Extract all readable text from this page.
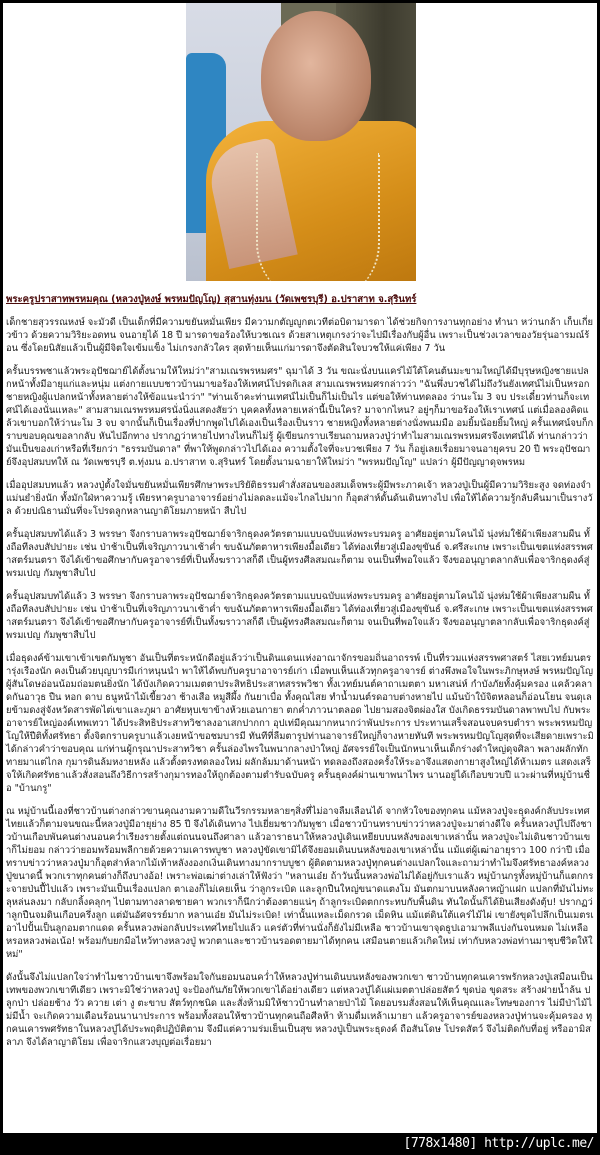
พระครูปราสาทพรหมคุณ (หลวงปู่หงษ์ พรหมปัญโญ) สุสานทุ่งมน (วัดเพชรบุรี) อ.ปราสาท จ.สุรินทร์

เด็กชายสุวรรณหงษ์ จะมัวดี เป็นเด็กที่มีความขยันหมั่นเพียร มีความกตัญญูกตเวทีต่อบิดามารดา ได้ช่วยกิจการงานทุกอย่าง ทำนา หว่านกล้า เก็บเกี่ยวข้าว ด้วยความวิริยะอดทน จนอายุได้ 18 ปี มารดาขอร้องให้บวชเณร ด้วยสาเหตุเกรงว่าจะไปมีเรื่องกับผู้อื่น เพราะเป็นช่วงเวลาของวัยรุ่นอารมณ์ร้อน ซึ่งโดยนิสัยแล้วเป็นผู้มีจิตใจเข้มแข็ง ไม่เกรงกลัวใคร สุดท้ายเห็นแก่มารดาจึงตัดสินใจบวชให้แค่เพียง 7 วัน

ครั้นบรรพชาแล้วพระอุปัชฌาย์ได้ตั้งนามให้ใหม่ว่า"สามเณรพรหมศร" ฉุมาได้ 3 วัน ขณะนั่งบนแคร่ไม้ใต้โคนต้นมะขามใหญ่ได้มีบุรุษหญิงชายแปลกหน้าทั้งมีอายุแก่และหนุ่ม แต่งกายแบบชาวบ้านมาขอร้องให้เทศน์โปรดกิเลส สามเณรพรหมศรกล่าวว่า "ฉันพึ่งบวชได้ไม่ถึงวันยังเทศน์ไม่เป็นหรอก ชายหญิงผู้แปลกหน้าทั้งหลายต่างให้ข้อแนะนำว่า" "ท่านเจ้าคะท่านเทศน์ไม่เป็นก็ไม่เป็นไร แต่ขอให้ท่านทดลอง ว่านะโม 3 จบ ประเดี๋ยวท่านก็จะเทศน์ได้เองนั่นแหละ" สามสามเณรพรหมศรนั่งนิ่งแสดงสัยว่า บุคคลทั้งหลายเหล่านี้เป็นใคร? มาจากไหน? อยู่ๆก็มาขอร้องให้เราเทศน์ แต่เมื่อลองคิดแล้วเขาบอกให้ว่านะโม 3 จบ จากนั้นก็เป็นเรื่องที่ปากพูดไปได้เองเป็นเรื่องเป็นราว ชายหญิงทั้งหลายต่างนั่งพนมมือ อมยิ้มน้อยยิ้มใหญ่ ครั้นเทศน์จบก็กราบขอบคุณขอลากลับ หันไปอีกทาง ปรากฏว่าหายไปทางไหนก็ไม่รู้ ผู้เขียนกราบเรียนถามหลวงปู่ว่าทำไมสามเณรพรหมศรจึงเทศน์ได้ ท่านกล่าวว่า มันเป็นของเก่าหรือที่เรียกว่า "ธรรมบันดาล" ที่พาให้พูดกล่าวไปได้เอง ความตั้งใจที่จะบวชเพียง 7 วัน ก็อยู่เลยเรื่อยมาจนอายุครบ 20 ปี พระอุปัชฌาย์จึงอุปสมบทให้ ณ วัดเพชรบุรี ต.ทุ่งมน อ.ปราสาท จ.สุรินทร์ โดยตั้งนามฉายาให้ใหม่ว่า "พรหมปัญโญ" แปลว่า ผู้มีปัญญาดุจพรหม

เมื่ออุปสมบทแล้ว หลวงปู่ตั้งใจมั่นขยันหมั่นเพียรศึกษาพระปริยัติธรรมคำสั่งสอนของสมเด็จพระผู้มีพระภาคเจ้า หลวงปู่เป็นผู้มีความวิริยะสูง จดท่องจำแม่นยำยิ่งนัก ทั้งมักใฝ่หาความรู้ เพียรหาครูบาอาจารย์อย่างไม่ลดละแม้จะไกลไปมาก ก็อุตส่าห์ดั้นด้นเดินทางไป เพื่อให้ได้ความรู้กลับคืนมาเป็นรางวัล ด้วยปณิธานมั่นที่จะโปรดลูกหลานญาติโยมภายหน้า สืบไป

ครั้นอุปสมบทได้แล้ว 3 พรรษา จึงกราบลาพระอุปัชฌาย์จาริกธุดงควัตรตามแบบฉบับแห่งพระบรมครู อาศัยอยู่ตามโคนไม้ นุ่งห่มใช้ผ้าเพียงสามผืน ทั้งถือทีลงบสัปปายะ เช่น ป่าช้าเป็นที่เจริญภาวนาเช้าค่ำ ขบฉันภัตตาหารเพียงมื้อเดียว ได้ท่องเที่ยวสู่เมืองขุขันธ์ จ.ศรีสะเกษ เพราะเป็นเขตแห่งสรรพศาสตร์มนตรา จึงได้เข้าขอศึกษากับครูอาจารย์ที่เป็นทั้งฆราวาสก็ดี เป็นผู้ทรงศีลสมณะก็ตาม จนเป็นที่พอใจแล้ว จึงขออนุญาตลากลับเพื่อจาริกธุดงค์สู่พรมเปญ กัมพูชาสืบไป

ครั้นอุปสมบทได้แล้ว 3 พรรษา จึงกราบลาพระอุปัชฌาย์จาริกธุดงควัตรตามแบบฉบับแห่งพระบรมครู อาศัยอยู่ตามโคนไม้ นุ่งห่มใช้ผ้าเพียงสามผืน ทั้งถือทีลงบสัปปายะ เช่น ป่าช้าเป็นที่เจริญภาวนาเช้าค่ำ ขบฉันภัตตาหารเพียงมื้อเดียว ได้ท่องเที่ยวสู่เมืองขุขันธ์ จ.ศรีสะเกษ เพราะเป็นเขตแห่งสรรพศาสตร์มนตรา จึงได้เข้าขอศึกษากับครูอาจารย์ที่เป็นทั้งฆราวาสก็ดี เป็นผู้ทรงศีลสมณะก็ตาม จนเป็นที่พอใจแล้ว จึงขออนุญาตลากลับเพื่อจาริกธุดงค์สู่พรมเปญ กัมพูชาสืบไป

เมื่อธุดงค์ข้ามเขาเข้าเขตกัมพูชา อันเป็นที่ตระหนักดีอยู่แล้วว่าเป็นดินแดนแห่งอาณาจักรขอมถิ่นอาถรรพ์ เป็นที่รวมแห่งสรรพศาสตร์ ไสยเวทย์มนตรารุ่งเรืองนัก คงเป็นด้วยบุญบารมีเก่าหนุนนำ พาให้ได้พบกับครูบาอาจารย์เก่า เมื่อพบเห็นแล้วทุกครูอาจารย์ ต่างพึงพอใจในพระภิกษุหงษ์ พรหมปัญโญ ผู้สันโดษอ่อนน้อมถ่อมตนยิ่งนัก ได้บังเกิดความเมตตาประสิทธิประสาทสรรพวิชา ทั้งเวทย์มนต์คาถาเมตตา มหาเสน่ห์ กำบังภัยทั้งคุ้มครอง แคล้วคลาดกันอาวุธ ปืน หอก ดาบ ธนูหน้าไม้เขี้ยวงา ช้างเสือ หมูสีผึ้ง กันยาเบื่อ ทั้งคุณไสย ทำน้ำมนต์รดอาบต่างหายไป แม้นบ้าใบ้จิตหลอนก็อ่อนโยน จนดุเลยข้ามดงสู่จังหวัดสารพัดไต่เขาและภูผา อาศัยหุบเขาข้างห้วยเอนกายา ตกค่ำภาวนาตลอด ไปยามสองจิตผ่องใส บังเกิดธรรมบันดาลพาพบไป กับพระอาจารย์ใหญ่องค์เทพเทวา ได้ประสิทธิประสาทวิชาลงอาเสกปากกา อุปเท่มีคุณมากหนากว่าพันประการ ประทานเสร็จสอนจบครบตำรา พระพรหมปัญโญให้ปีติทั้งศรัทธา ตั้งจิตกราบครูบาแล้วเงยหน้าขอชมบารมี ทันทีที่ลืมตารูปท่านอาจารย์ใหญ่ก็จางหายทันที พระพรหมปัญโญสุดที่จะเสียดายเพราะมิได้กล่าวคำว่าขอบคุณ แก่ท่านผู้กรุณาประสาทวิชา ครั้นล่องไพรในพนากลางป่าใหญ่ อัศจรรย์ใจเป็นนักหนาเห็นเด็กร่างดำใหญ่ดุจศิลา พลางผลักทักทายมาแต่ไกล กุมารดินล้มหงายหลัง แล้วตั้งตรงทดลองใหม่ ผลักล้มมาด้านหน้า ทดลองถึงสองครั้งให้ระอาจึงแสดงกายาสูงใหญ่ได้ห้าเมตร แสดงเสร็จให้เกิดศรัทธาแล้วสั่งสอนถึงวิธีการสร้างกุมารทองให้ถูกต้องตามตำรับฉบับครู ครั้นธุดงค์ผ่านเขาพนาไพร นานอยู่ได้เกือบขวบปี แวะผ่านที่หมู่บ้านชื่อ "บ้านกรู"

ณ หมู่บ้านนี้เองที่ชาวบ้านต่างกล่าวขานคุณงามความดีในวีรกรรมหลายๆสิ่งที่ไม่อาจลืมเลือนได้ จากหัวใจของทุกคน แม้หลวงปู่จะธุดงค์กลับประเทศไทยแล้วก็ตามจนขณะนี้หลวงปู่มีอายุย่าง 85 ปี จึงได้เดินทาง ไปเยี่ยมชาวกัมพูชา เมื่อชาวบ้านทราบข่าวว่าหลวงปู่จะมาต่างดีใจ ครั้นหลวงปู่ไปถึงชาวบ้านเกือบพันคนต่างนอนคว่ำเรียงรายตั้งแต่ถนนจนถึงศาลา แล้วอาราธนาให้หลวงปู่เดินเหยียบบนหลังของเขาเหล่านั้น หลวงปู่จะไม่เดินชาวบ้านเขาก็ไม่ยอม กล่าวว่ายอมพร้อมพลีกายด้วยความเคารพบูชา หลวงปู่ขัดเขามิได้จึงยอมเดินบนหลังของเขาเหล่านั้น แม้แต่ผู้เฒ่าอายุราว 100 กว่าปี เมื่อทราบข่าวว่าหลวงปู่มาก็อุตส่าห์ลากไม้เท้าหลังงองกเงิ่นเดินทางมากราบบูชา ผู้ติดตามหลวงปู่ทุกคนต่างแปลกใจและถามว่าทำไมจึงศรัทธาองค์หลวงปู่ขนาดนี้ พวกเราทุกคนต่างก็ถึงบางอ้อ! เพราะพ่อเฒ่าต่างเล่าให้ฟังว่า "หลานเอ๋ย ถ้าวันนั้นหลวงพ่อไม่ได้อยู่กับเราแล้ว หมู่บ้านกรูทั้งหมู่บ้านก็แตกกระจายป่นปี้ไปแล้ว เพราะมันเป็นเรื่องแปลก ตาเองก็ไม่เคยเห็น ว่าลูกระเบิด และลูกปืนใหญ่ขนาดแตงโม มันตกมาบนหลังคาหญ้าแฝก แปลกที่มันไม่ทะลุหล่นลงมา กลับกลิ้งคลุกๆ ไปตามทางลาดชายคา พวกเราก็นึกว่าต้องตายแน่ๆ ถ้าลูกระเบิดตกกระทบกับพื้นดิน ทันใดนั้นก็ได้ยินเสียงดังตุ้บ! ปรากฏว่าลูกปืนจมดินเกือบครึ่งลูก แต่มันอัศจรรย์มาก หลานเอ๋ย มันไม่ระเบิด! เท่านั้นแหละเม็ดกรวด เม็ดหิน แม้แต่ดินใต้แคร่ไม้ไผ่ เขายังขุดไปลึกเป็นเมตรเอาไปปั้นเป็นลูกอมตากแดด ครั้นหลวงพ่อกลับประเทศไทยไปแล้ว แคร่ตัวที่ท่านนั่งก็ยังไม่มีเหลือ ชาวบ้านเขาจุดธูปเอามาพลีแบ่งกันจนหมด ไม่เหลือหรอหลวงพ่อเน้อ! พร้อมกับยกมือไหว้ทางหลวงปู่ พวกตาและชาวบ้านรอดตายมาได้ทุกคน เสมือนตายแล้วเกิดใหม่ เท่ากับหลวงพ่อท่านมาชุบชีวิตให้ใหม่"

ดังนั้นจึงไม่แปลกใจว่าทำไมชาวบ้านเขาจึงพร้อมใจกันยอมนอนคว่ำให้หลวงปู่ท่านเดินบนหลังของพวกเขา ชาวบ้านทุกคนเคารพรักหลวงปู่เสมือนเป็นเทพของพวกเขาทีเดียว เพราะมิใช่ว่าหลวงปู่ จะป้องกันภัยให้พวกเขาได้อย่างเดียว แต่หลวงปู่ได้แผ่เมตตาปล่อยสัตว์ ขุดบ่อ ขุดสระ สร้างฝายน้ำล้น ปลูกป่า ปล่อยช้าง วัว ควาย เต่า งู ตะขาบ สัตว์ทุกชนิด และสั่งห้ามมิให้ชาวบ้านทำลายป่าไม้ โดยอบรมสั่งสอนให้เห็นคุณและโทษของการ ไม่มีป่าไม้ไม่มีน้ำ จะเกิดความเดือนร้อนนานาประการ พร้อมทั้งสอนให้ชาวบ้านทุกคนถือศีลห้า ห้ามดื่มเหล้าเมายา แล้วครูอาจารย์ของหลวงปู่ท่านจะคุ้มครอง ทุกคนเคารพศรัทธาในหลวงปู่ได้ประพฤติปฏิบัติตาม จึงมีแต่ความร่มเย็นเป็นสุข หลวงปู่เป็นพระธุดงค์ ถือสันโดษ โปรดสัตว์ จึงไม่ติดกับที่อยู่ หรืออามิสลาภ จึงได้ลาญาติโยม เพื่อจาริกแสวงบุญต่อเรื่อยมา

[778x1480] http://uplc.me/
